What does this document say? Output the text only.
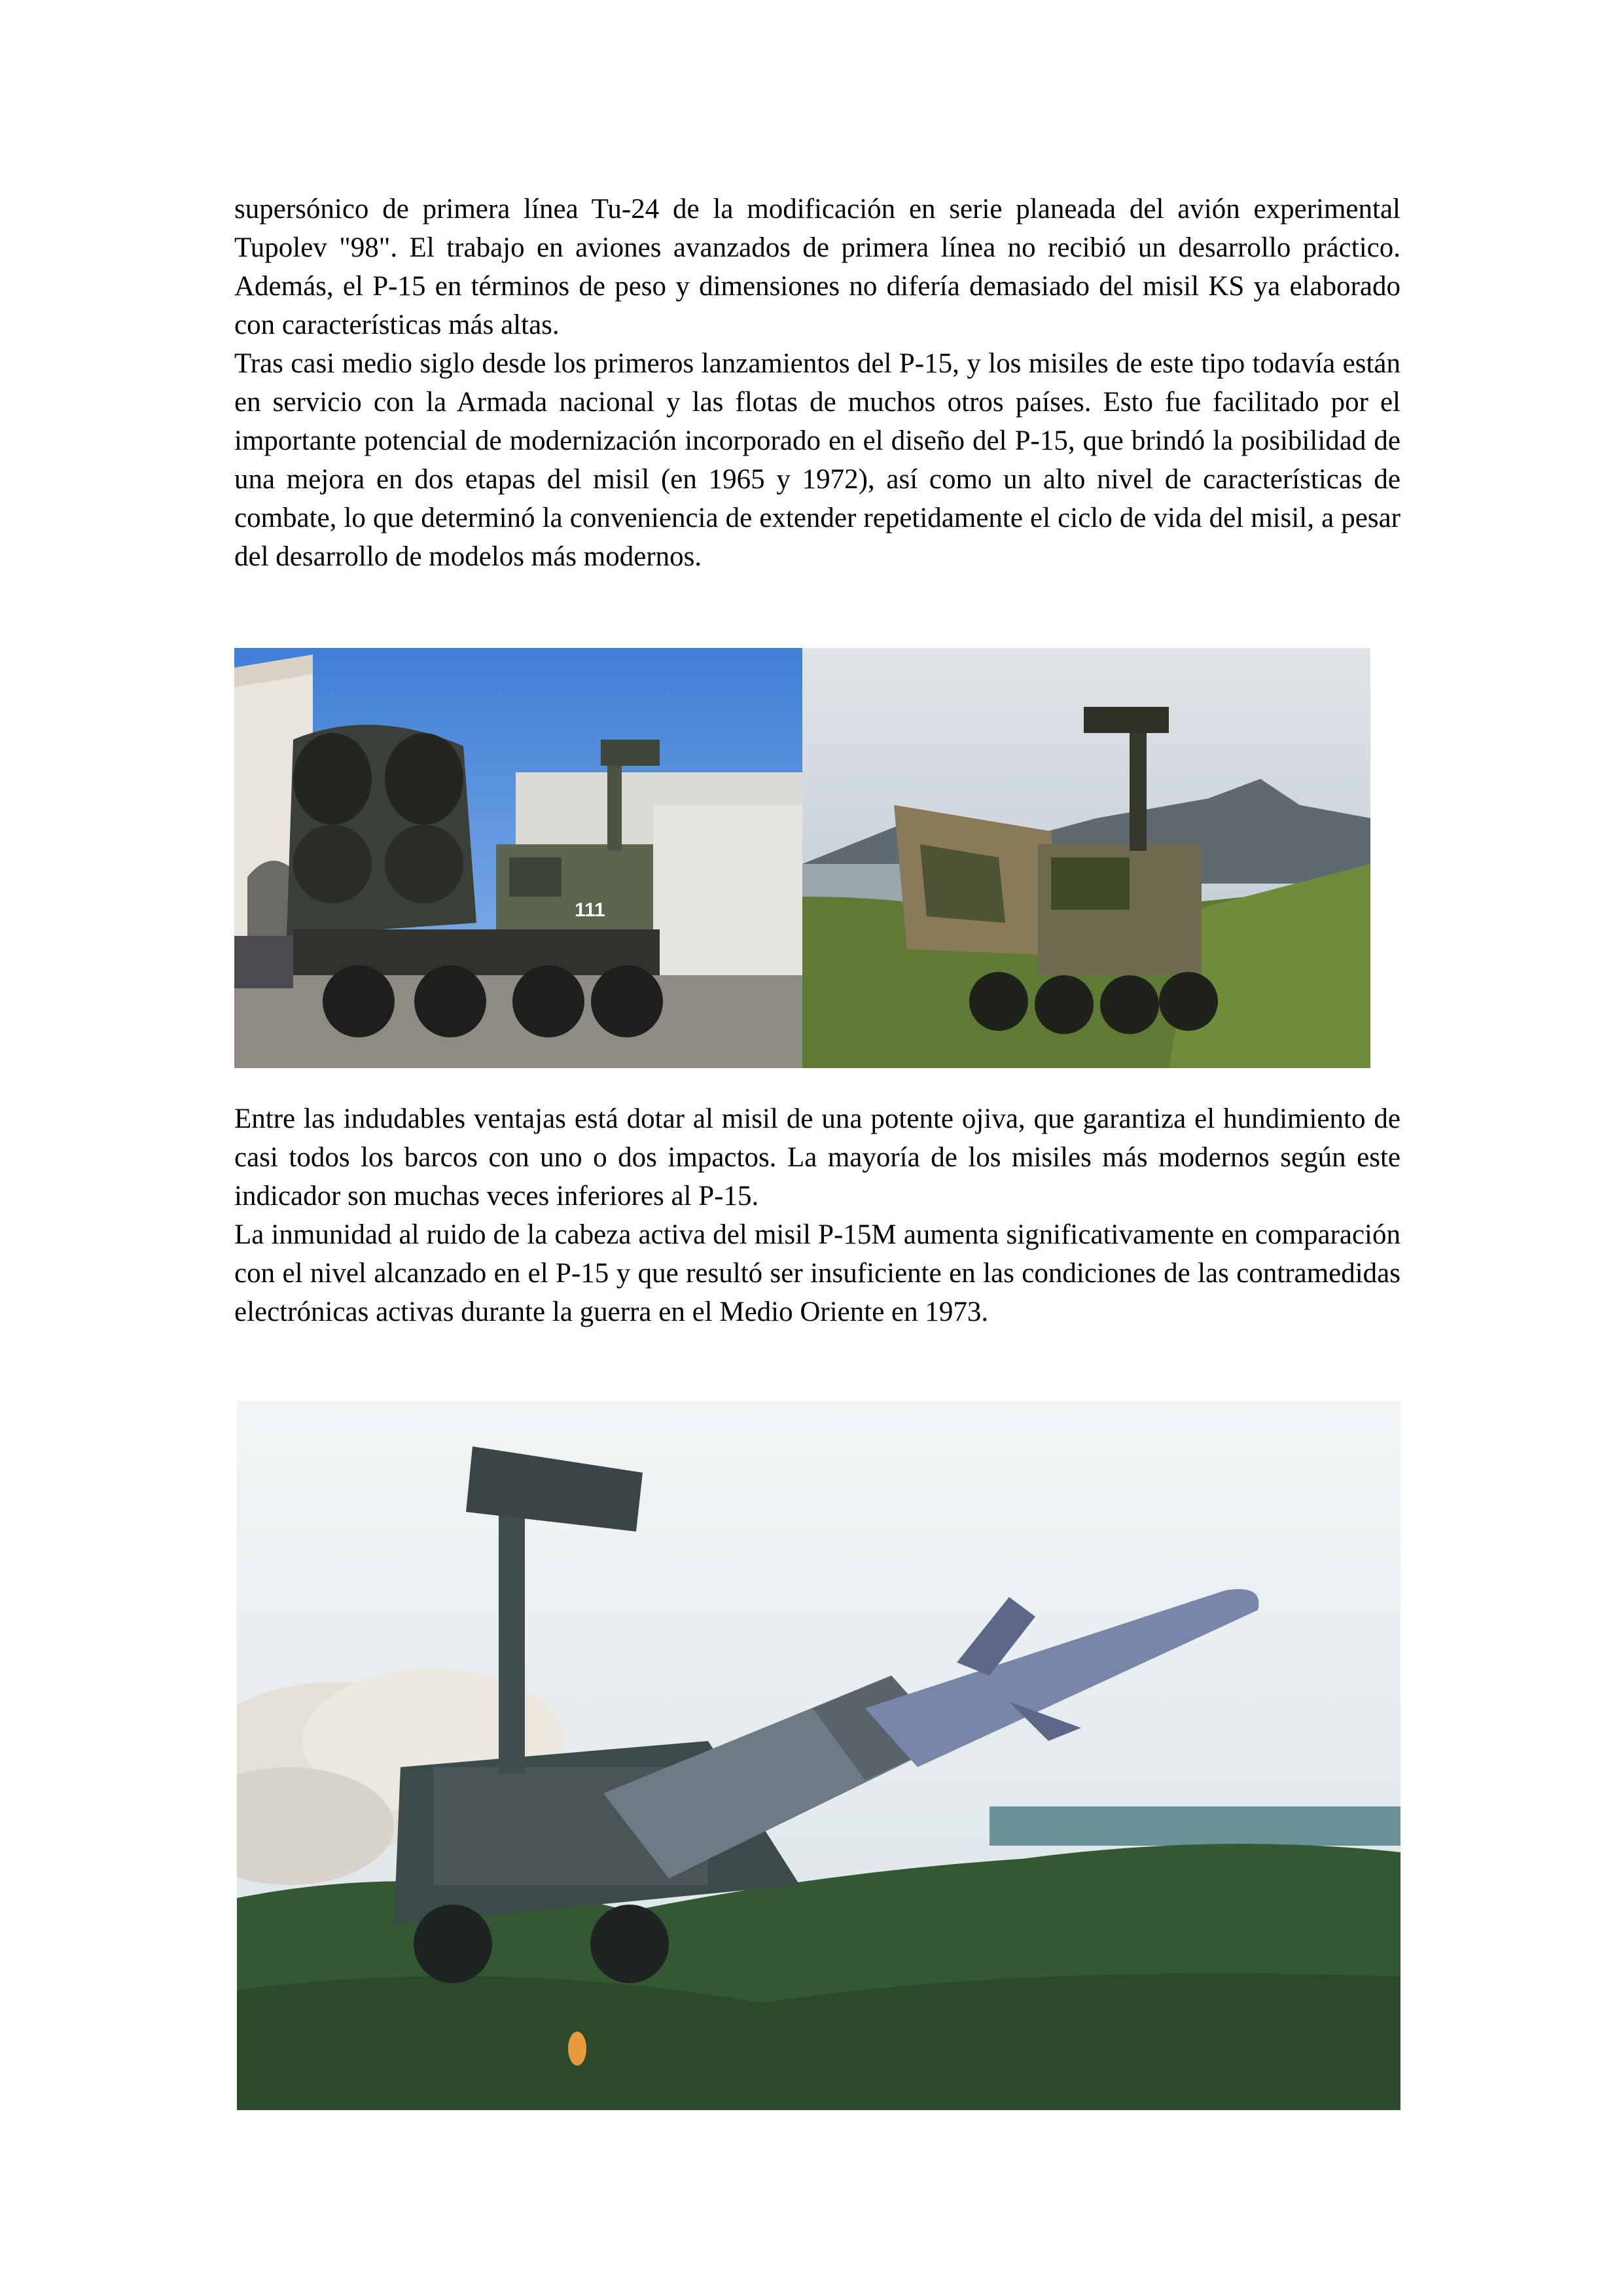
supersónico de primera línea Tu-24 de la modificación en serie planeada del avión experimental Tupolev "98". El trabajo en aviones avanzados de primera línea no recibió un desarrollo práctico. Además, el P-15 en términos de peso y dimensiones no difería demasiado del misil KS ya elaborado con características más altas.

Tras casi medio siglo desde los primeros lanzamientos del P-15, y los misiles de este tipo todavía están en servicio con la Armada nacional y las flotas de muchos otros países. Esto fue facilitado por el importante potencial de modernización incorporado en el diseño del P-15, que brindó la posibilidad de una mejora en dos etapas del misil (en 1965 y 1972), así como un alto nivel de características de combate, lo que determinó la conveniencia de extender repetidamente el ciclo de vida del misil, a pesar del desarrollo de modelos más modernos.

111

Entre las indudables ventajas está dotar al misil de una potente ojiva, que garantiza el hundimiento de casi todos los barcos con uno o dos impactos. La mayoría de los misiles más modernos según este indicador son muchas veces inferiores al P-15.

La inmunidad al ruido de la cabeza activa del misil P-15M aumenta significativamente en comparación con el nivel alcanzado en el P-15 y que resultó ser insuficiente en las condiciones de las contramedidas electrónicas activas durante la guerra en el Medio Oriente en 1973.
